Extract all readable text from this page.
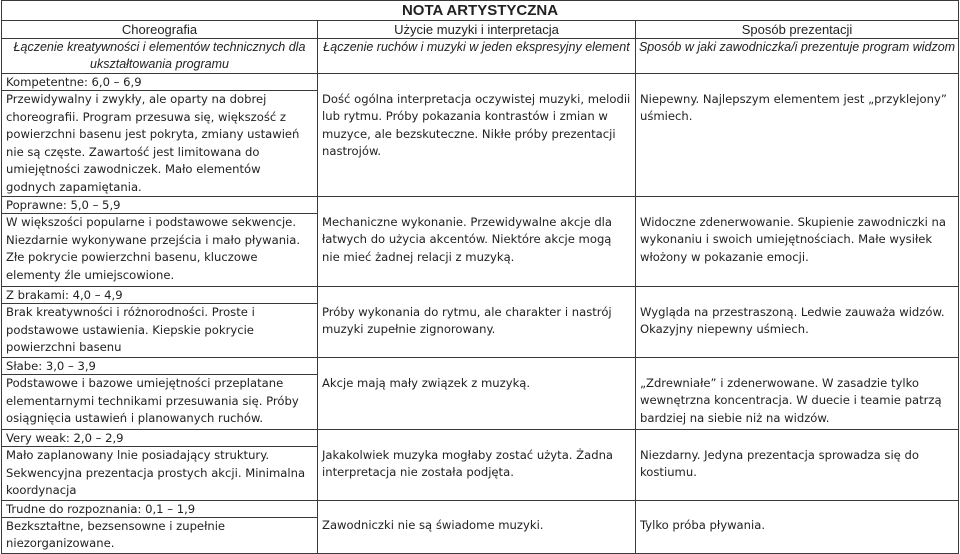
NOTA ARTYSTYCZNA		
Choreografia	Użycie muzyki i interpretacja	Sposób prezentacji
Łączenie kreatywności i elementów technicznych dla ukształtowania programu	Łączenie ruchów i muzyki w jeden ekspresyjny element	Sposób w jaki zawodniczka/i prezentuje program widzom
Kompetentne: 6,0 – 6,9		
Przewidywalny i zwykły, ale oparty na dobrej choreografii. Program przesuwa się, większość z powierzchni basenu jest pokryta, zmiany ustawień nie są częste. Zawartość jest limitowana do umiejętności zawodniczek. Mało elementów godnych zapamiętania.	Dość ogólna interpretacja oczywistej muzyki, melodii lub rytmu. Próby pokazania kontrastów i zmian w muzyce, ale bezskuteczne. Nikłe próby prezentacji nastrojów.	Niepewny. Najlepszym elementem jest „przyklejony” uśmiech.
Poprawne: 5,0 – 5,9		
W większości popularne i podstawowe sekwencje. Niezdarnie wykonywane przejścia i mało pływania. Złe pokrycie powierzchni basenu, kluczowe elementy źle umiejscowione.	Mechaniczne wykonanie. Przewidywalne akcje dla łatwych do użycia akcentów. Niektóre akcje mogą nie mieć żadnej relacji z muzyką.	Widoczne zdenerwowanie. Skupienie zawodniczki na wykonaniu i swoich umiejętnościach. Małe wysiłek włożony w pokazanie emocji.
Z brakami: 4,0 – 4,9		
Brak kreatywności i różnorodności. Proste i podstawowe ustawienia. Kiepskie pokrycie powierzchni basenu	Próby wykonania do rytmu, ale charakter i nastrój muzyki zupełnie zignorowany.	Wygląda na przestraszoną. Ledwie zauważa widzów. Okazyjny niepewny uśmiech.
Słabe: 3,0 – 3,9		
Podstawowe i bazowe umiejętności przeplatane elementarnymi technikami przesuwania się. Próby osiągnięcia ustawień i planowanych ruchów.	Akcje mają mały związek z muzyką.	„Zdrewniałe” i zdenerwowane. W zasadzie tylko wewnętrzna koncentracja. W duecie i teamie patrzą bardziej na siebie niż na widzów.
Very weak: 2,0 – 2,9		
Mało zaplanowany lnie posiadający struktury. Sekwencyjna prezentacja prostych akcji. Minimalna koordynacja	Jakakolwiek muzyka mogłaby zostać użyta. Żadna interpretacja nie została podjęta.	Niezdarny. Jedyna prezentacja sprowadza się do kostiumu.
Trudne do rozpoznania: 0,1 – 1,9		
Bezkształtne, bezsensowne i zupełnie niezorganizowane.	Zawodniczki nie są świadome muzyki.	Tylko próba pływania.
